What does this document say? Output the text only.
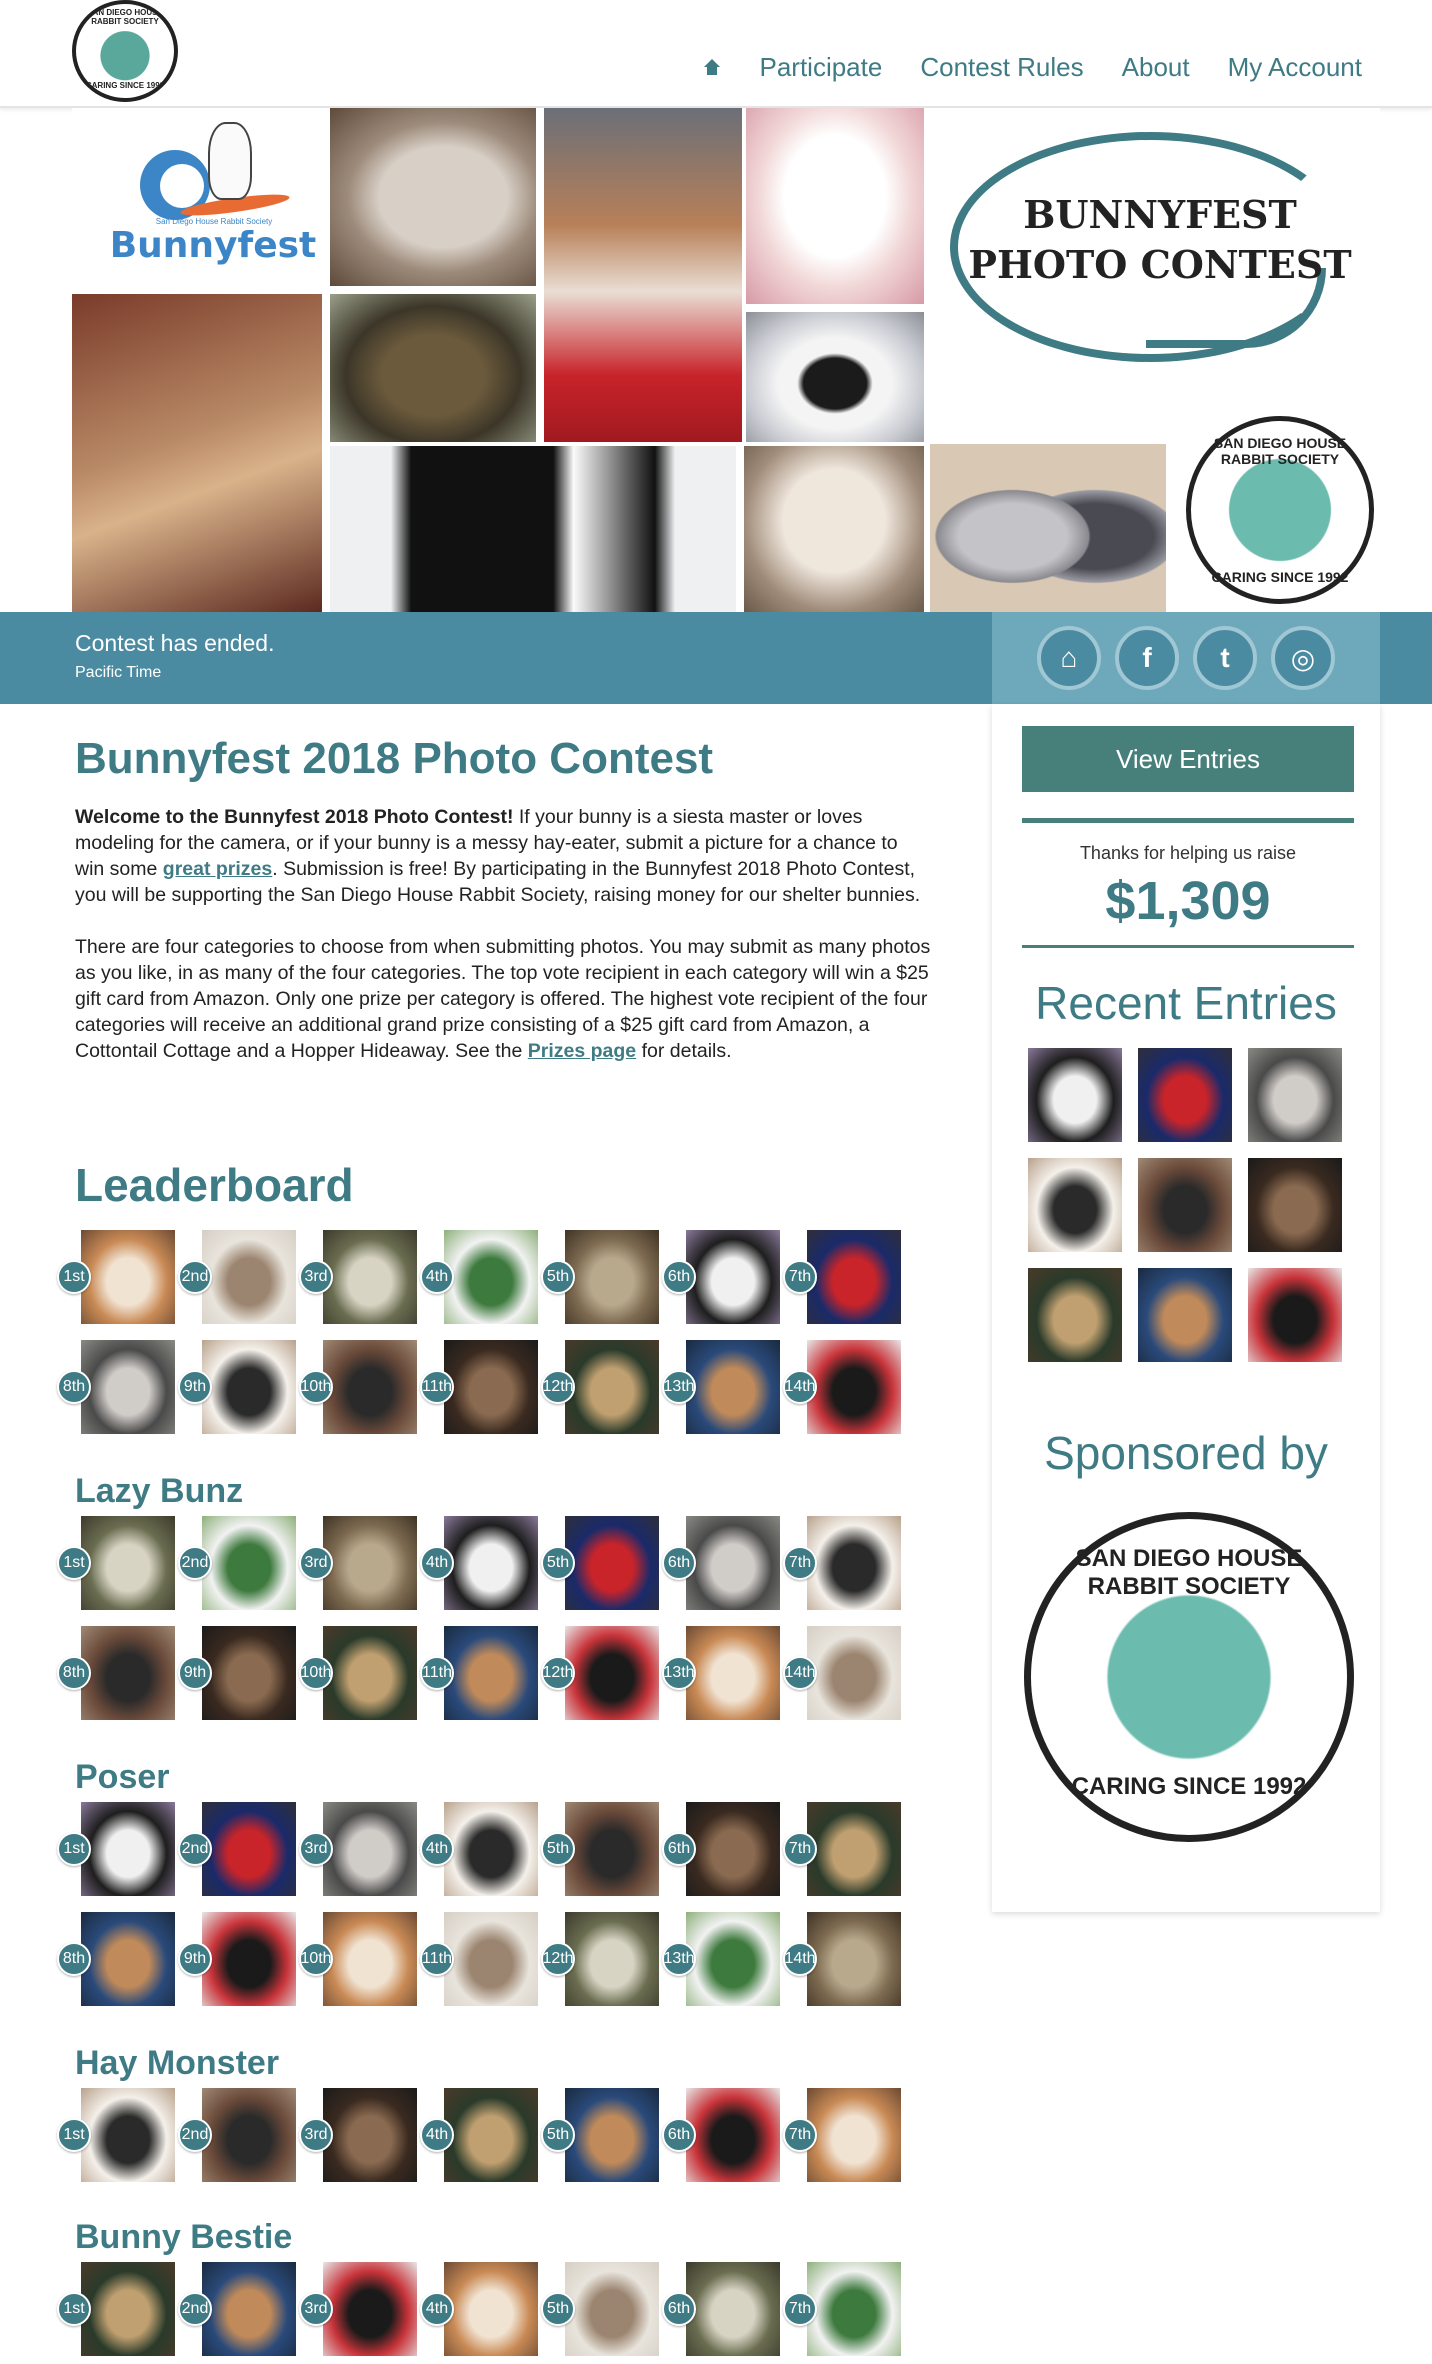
SAN DIEGO HOUSE RABBIT SOCIETY
CARING SINCE 1992
Participate Contest Rules About My Account
San Diego House Rabbit Society
Bunnyfest
BUNNYFEST
PHOTO CONTEST
SAN DIEGO HOUSE RABBIT SOCIETY
CARING SINCE 1992
Contest has ended.
Pacific Time	⌂	f	t	◎
View Entries
Thanks for helping us raise
$1,309
Recent Entries
Sponsored by
SAN DIEGO HOUSE RABBIT SOCIETY
CARING SINCE 1992
Bunnyfest 2018 Photo Contest

Welcome to the Bunnyfest 2018 Photo Contest! If your bunny is a siesta master or loves modeling for the camera, or if your bunny is a messy hay-eater, submit a picture for a chance to win some great prizes. Submission is free! By participating in the Bunnyfest 2018 Photo Contest, you will be supporting the San Diego House Rabbit Society, raising money for our shelter bunnies.

There are four categories to choose from when submitting photos. You may submit as many photos as you like, in as many of the four categories. The top vote recipient in each category will win a $25 gift card from Amazon. Only one prize per category is offered. The highest vote recipient of the four categories will receive an additional grand prize consisting of a $25 gift card from Amazon, a Cottontail Cottage and a Hopper Hideaway. See the Prizes page for details.

Leaderboard
1st	2nd	3rd	4th	5th	6th	7th
8th	9th	10th	11th	12th	13th	14th
Lazy Bunz
1st	2nd	3rd	4th	5th	6th	7th
8th	9th	10th	11th	12th	13th	14th
Poser
1st	2nd	3rd	4th	5th	6th	7th
8th	9th	10th	11th	12th	13th	14th
Hay Monster
1st	2nd	3rd	4th	5th	6th	7th
Bunny Bestie
1st	2nd	3rd	4th	5th	6th	7th
